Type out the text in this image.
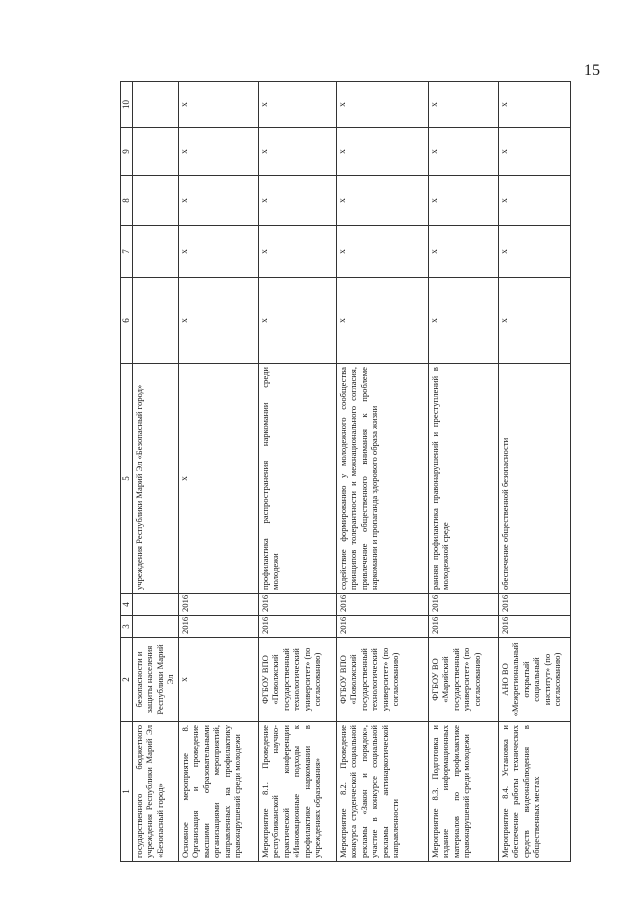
15
1	2	3	4	5	6	7	8	9	10
государственного бюджетного учреждения Республики Марий Эл «Безопасный город»	безопасности и защиты населения Республики Марий Эл			учреждения Республики Марий Эл «Безопасный город»					
Основное мероприятие 8. Организация и проведение высшими образовательными организациями мероприятий, направленных на профилактику правонарушений среди молодежи	x	2016	2016	x	x	x	x	x	x
Мероприятие 8.1. Проведение республиканской научно-практической конференции «Инновационные подходы к профилактике наркомании в учреждениях образования»	ФГБОУ ВПО «Поволжский государственный технологический университет» (по согласованию)	2016	2016	профилактика распространения наркомании среди молодежи	x	x	x	x	x
Мероприятие 8.2. Проведение конкурса студенческой социальной рекламы «Закон и порядок», участие в конкурсе социальной рекламы антинаркотической направленности	ФГБОУ ВПО «Поволжский государственный технологический университет» (по согласованию)	2016	2016	содействие формированию у молодежного сообщества принципов толерантности и межнационального согласия, привлечение общественного внимания к проблеме наркомании и пропаганда здорового образа жизни	x	x	x	x	x
Мероприятие 8.3. Подготовка и издание информационных материалов по профилактике правонарушений среди молодежи	ФГБОУ ВО «Марийский государственный университет» (по согласованию)	2016	2016	ранняя профилактика правонарушений и преступлений в молодежной среде	x	x	x	x	x
Мероприятие 8.4. Установка и обеспечение работы технических средств видеонаблюдения в общественных местах	АНО ВО «Межрегиональный открытый социальный институт» (по согласованию)	2016	2016	обеспечение общественной безопасности	x	x	x	x	x
